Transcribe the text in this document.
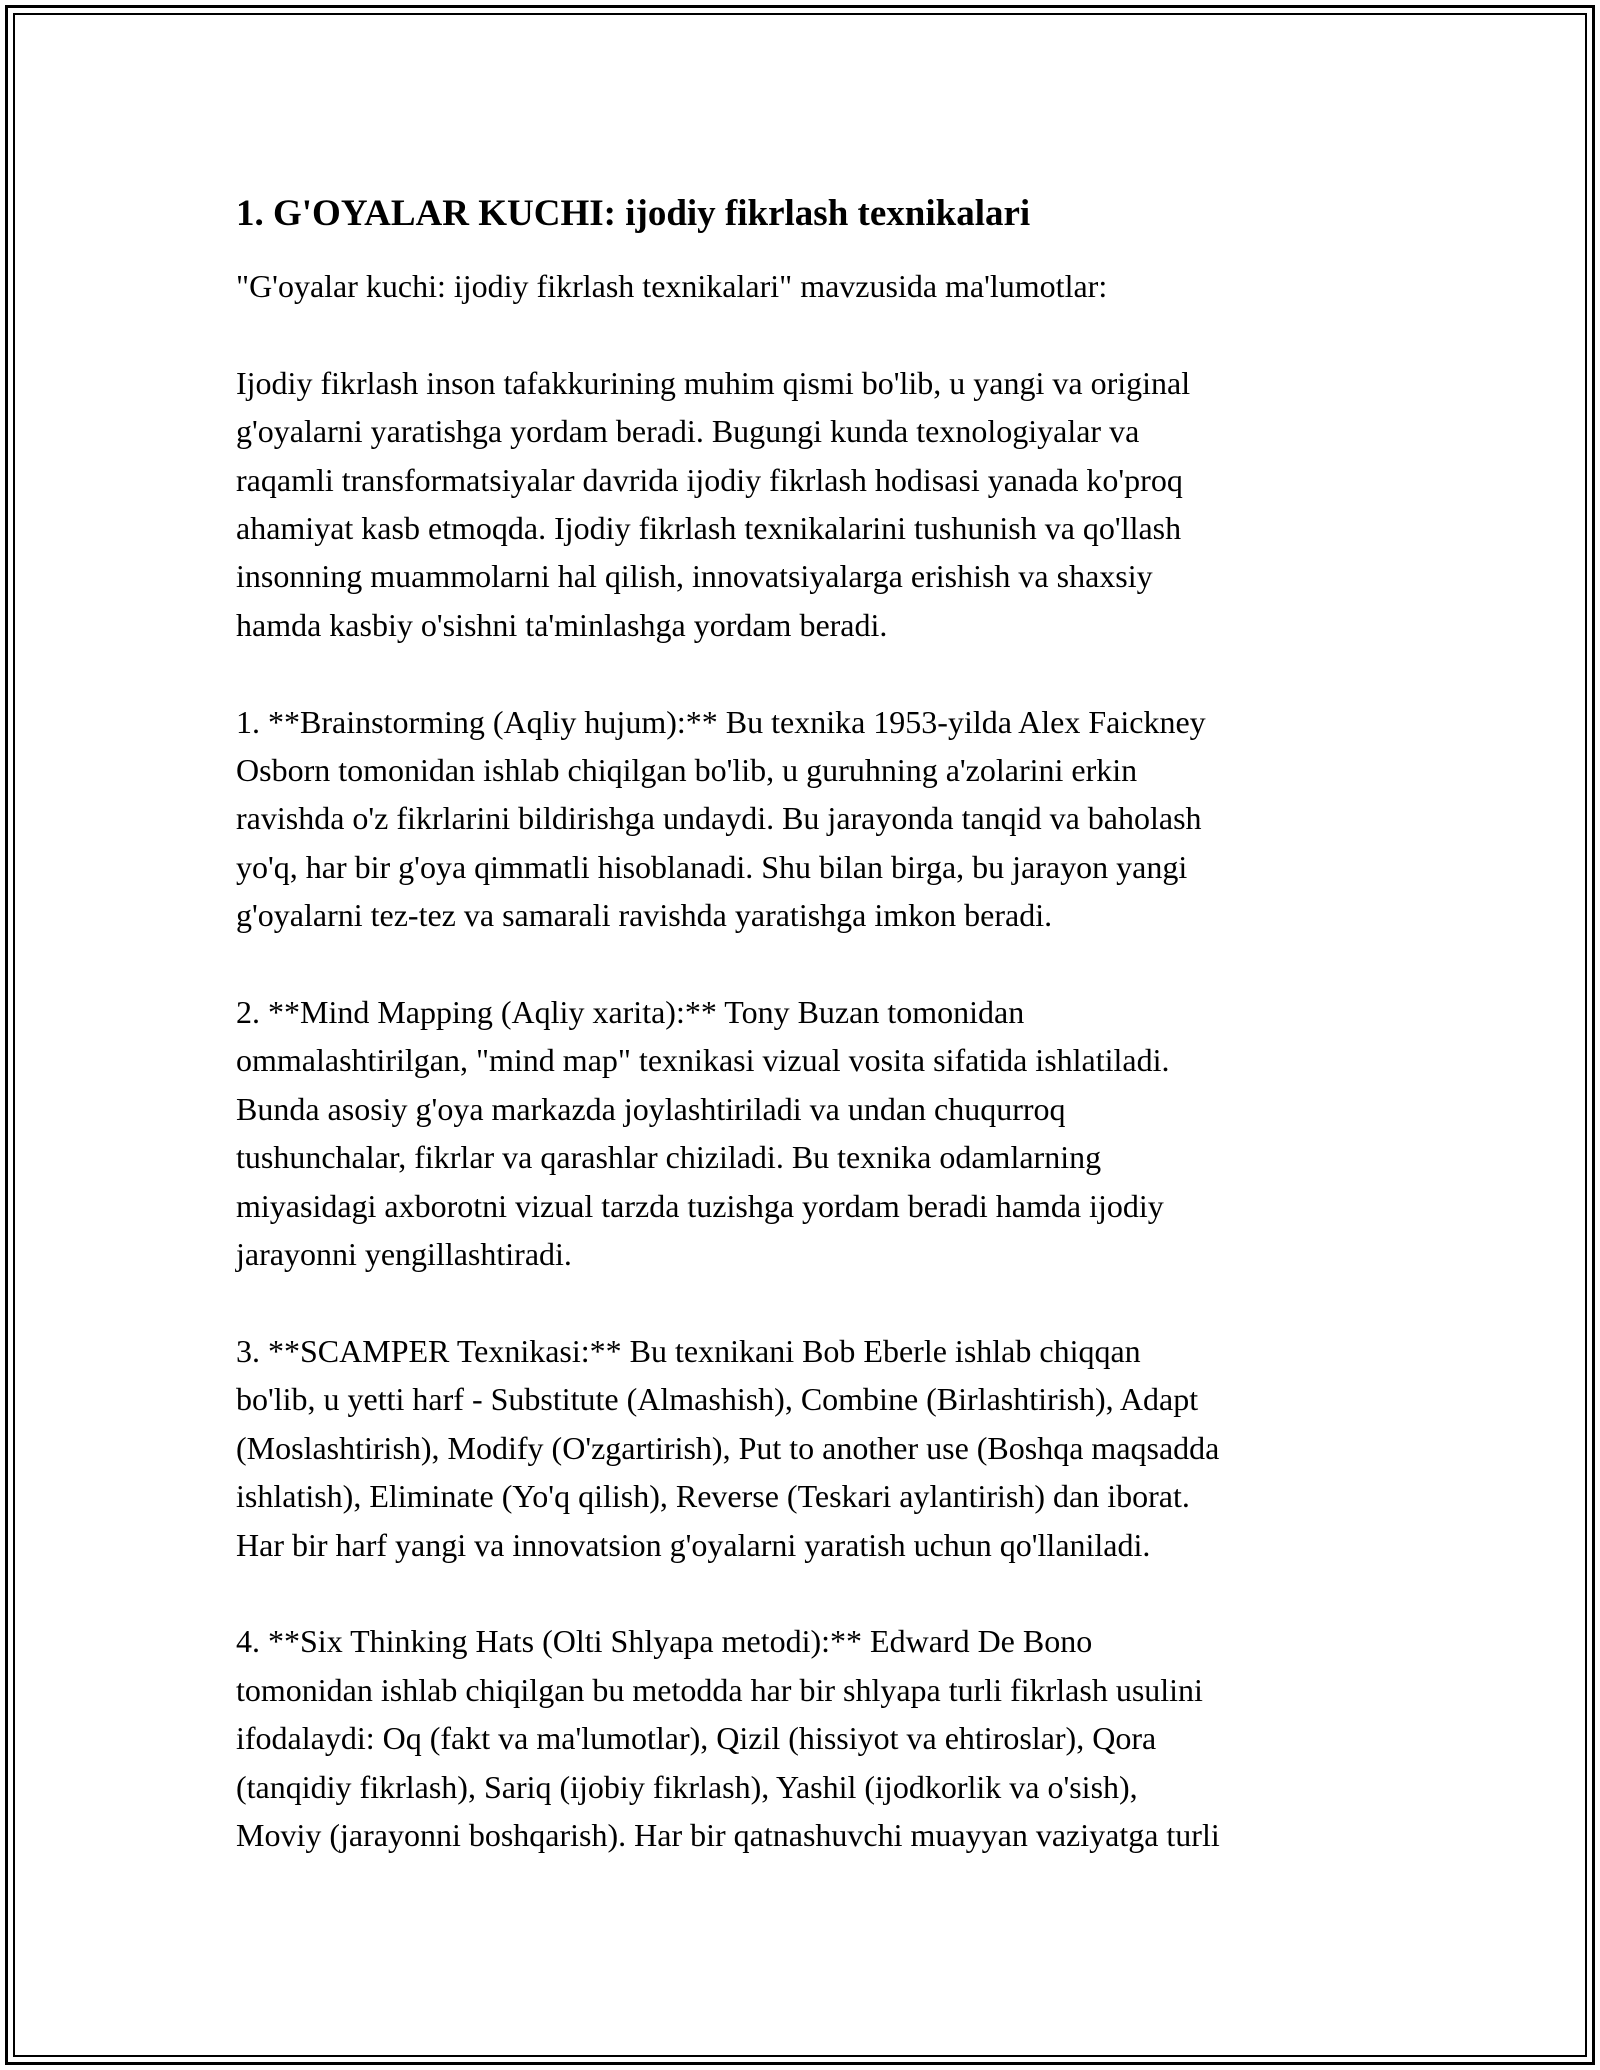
1. G'OYALAR KUCHI: ijodiy fikrlash texnikalari

"G'oyalar kuchi: ijodiy fikrlash texnikalari" mavzusida ma'lumotlar:

Ijodiy fikrlash inson tafakkurining muhim qismi bo'lib, u yangi va original
g'oyalarni yaratishga yordam beradi. Bugungi kunda texnologiyalar va
raqamli transformatsiyalar davrida ijodiy fikrlash hodisasi yanada ko'proq
ahamiyat kasb etmoqda. Ijodiy fikrlash texnikalarini tushunish va qo'llash
insonning muammolarni hal qilish, innovatsiyalarga erishish va shaxsiy
hamda kasbiy o'sishni ta'minlashga yordam beradi.

1. **Brainstorming (Aqliy hujum):** Bu texnika 1953-yilda Alex Faickney
Osborn tomonidan ishlab chiqilgan bo'lib, u guruhning a'zolarini erkin
ravishda o'z fikrlarini bildirishga undaydi. Bu jarayonda tanqid va baholash
yo'q, har bir g'oya qimmatli hisoblanadi. Shu bilan birga, bu jarayon yangi
g'oyalarni tez-tez va samarali ravishda yaratishga imkon beradi.

2. **Mind Mapping (Aqliy xarita):** Tony Buzan tomonidan
ommalashtirilgan, "mind map" texnikasi vizual vosita sifatida ishlatiladi.
Bunda asosiy g'oya markazda joylashtiriladi va undan chuqurroq
tushunchalar, fikrlar va qarashlar chiziladi. Bu texnika odamlarning
miyasidagi axborotni vizual tarzda tuzishga yordam beradi hamda ijodiy
jarayonni yengillashtiradi.

3. **SCAMPER Texnikasi:** Bu texnikani Bob Eberle ishlab chiqqan
bo'lib, u yetti harf - Substitute (Almashish), Combine (Birlashtirish), Adapt
(Moslashtirish), Modify (O'zgartirish), Put to another use (Boshqa maqsadda
ishlatish), Eliminate (Yo'q qilish), Reverse (Teskari aylantirish) dan iborat.
Har bir harf yangi va innovatsion g'oyalarni yaratish uchun qo'llaniladi.

4. **Six Thinking Hats (Olti Shlyapa metodi):** Edward De Bono
tomonidan ishlab chiqilgan bu metodda har bir shlyapa turli fikrlash usulini
ifodalaydi: Oq (fakt va ma'lumotlar), Qizil (hissiyot va ehtiroslar), Qora
(tanqidiy fikrlash), Sariq (ijobiy fikrlash), Yashil (ijodkorlik va o'sish),
Moviy (jarayonni boshqarish). Har bir qatnashuvchi muayyan vaziyatga turli
